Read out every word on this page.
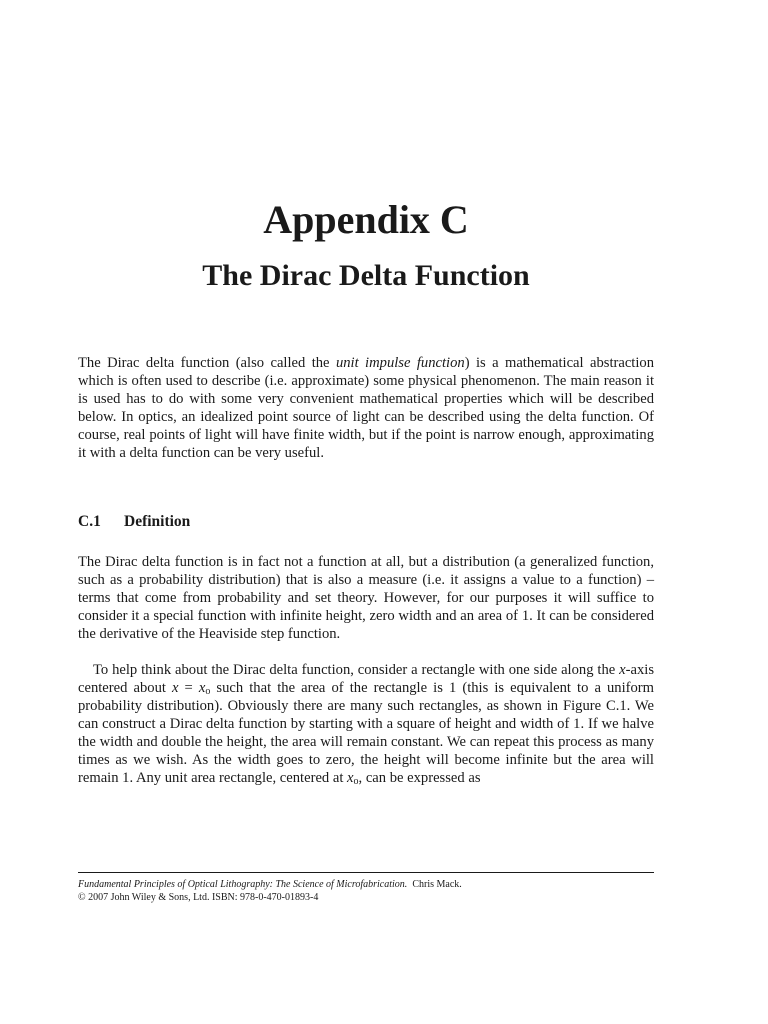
Appendix C
The Dirac Delta Function

The Dirac delta function (also called the unit impulse function) is a mathematical abstraction which is often used to describe (i.e. approximate) some physical phenomenon. The main reason it is used has to do with some very convenient mathematical properties which will be described below. In optics, an idealized point source of light can be described using the delta function. Of course, real points of light will have finite width, but if the point is narrow enough, approximating it with a delta function can be very useful.

C.1 Definition

The Dirac delta function is in fact not a function at all, but a distribution (a generalized function, such as a probability distribution) that is also a measure (i.e. it assigns a value to a function) – terms that come from probability and set theory. However, for our purposes it will suffice to consider it a special function with infinite height, zero width and an area of 1. It can be considered the derivative of the Heaviside step function.

To help think about the Dirac delta function, consider a rectangle with one side along the x-axis centered about $x = x_o$ such that the area of the rectangle is 1 (this is equivalent to a uniform probability distribution). Obviously there are many such rectangles, as shown in Figure C.1. We can construct a Dirac delta function by starting with a square of height and width of 1. If we halve the width and double the height, the area will remain constant. We can repeat this process as many times as we wish. As the width goes to zero, the height will become infinite but the area will remain 1. Any unit area rectangle, centered at $x_o$, can be expressed as

Fundamental Principles of Optical Lithography: The Science of Microfabrication. Chris Mack.
© 2007 John Wiley & Sons, Ltd. ISBN: 978-0-470-01893-4
